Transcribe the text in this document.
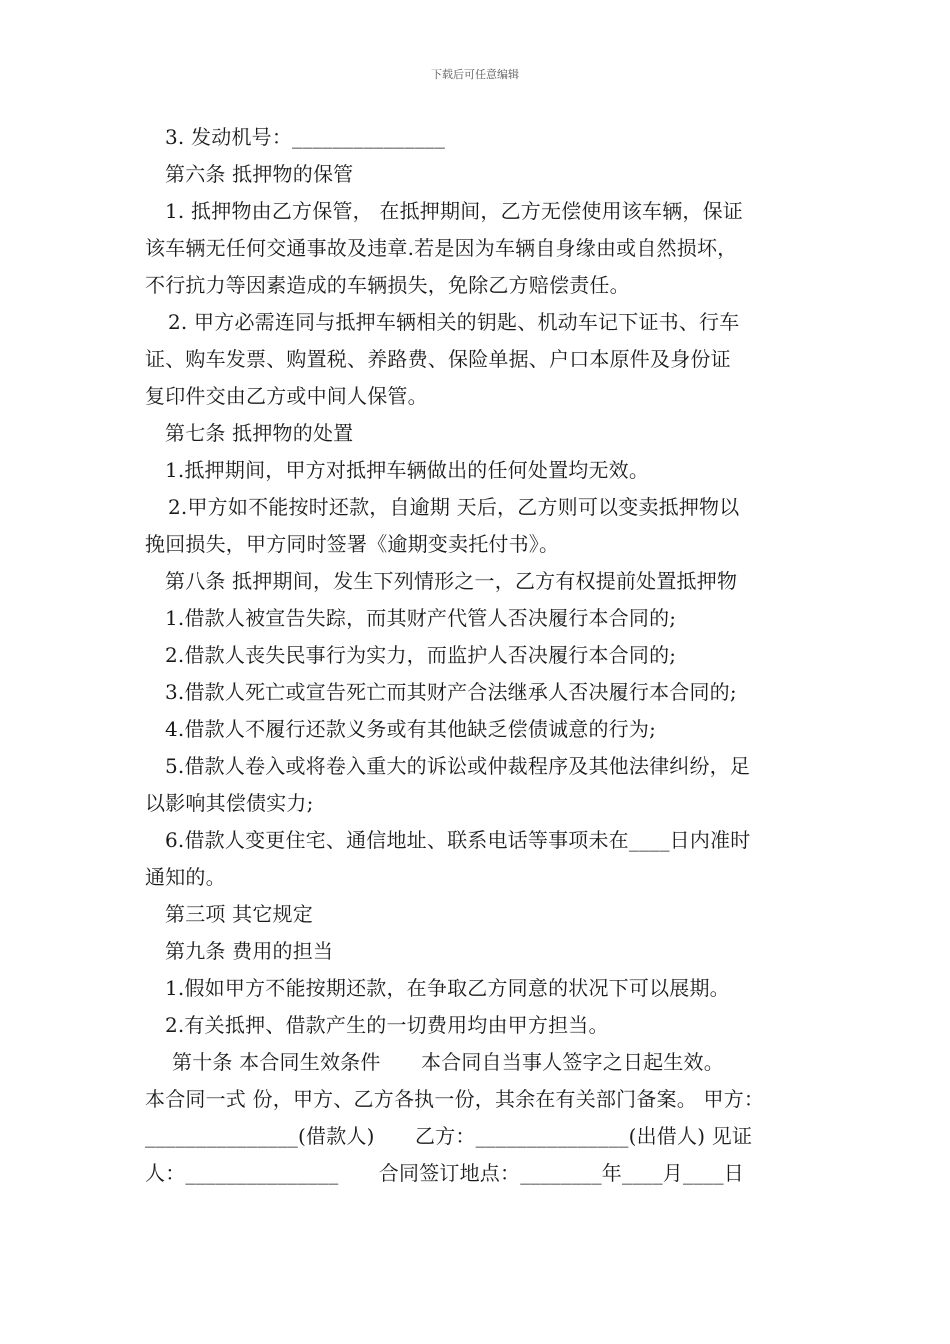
下载后可任意编辑
3. 发动机号：_______________
第六条 抵押物的保管
1. 抵押物由乙方保管， 在抵押期间，乙方无偿使用该车辆，保证
该车辆无任何交通事故及违章.若是因为车辆自身缘由或自然损坏，
不行抗力等因素造成的车辆损失，免除乙方赔偿责任。
2. 甲方必需连同与抵押车辆相关的钥匙、机动车记下证书、行车
证、购车发票、购置税、养路费、保险单据、户口本原件及身份证
复印件交由乙方或中间人保管。
第七条 抵押物的处置
1.抵押期间，甲方对抵押车辆做出的任何处置均无效。
2.甲方如不能按时还款，自逾期 天后，乙方则可以变卖抵押物以
挽回损失，甲方同时签署《逾期变卖托付书》。
第八条 抵押期间，发生下列情形之一，乙方有权提前处置抵押物
1.借款人被宣告失踪，而其财产代管人否决履行本合同的;
2.借款人丧失民事行为实力，而监护人否决履行本合同的;
3.借款人死亡或宣告死亡而其财产合法继承人否决履行本合同的;
4.借款人不履行还款义务或有其他缺乏偿债诚意的行为;
5.借款人卷入或将卷入重大的诉讼或仲裁程序及其他法律纠纷，足
以影响其偿债实力;
6.借款人变更住宅、通信地址、联系电话等事项未在____日内准时
通知的。
第三项 其它规定
第九条 费用的担当
1.假如甲方不能按期还款，在争取乙方同意的状况下可以展期。
2.有关抵押、借款产生的一切费用均由甲方担当。
第十条 本合同生效条件　　本合同自当事人签字之日起生效。
本合同一式 份，甲方、乙方各执一份，其余在有关部门备案。 甲方：
_______________(借款人)　　乙方：_______________(出借人) 见证
人：_______________　　合同签订地点：________年____月____日
